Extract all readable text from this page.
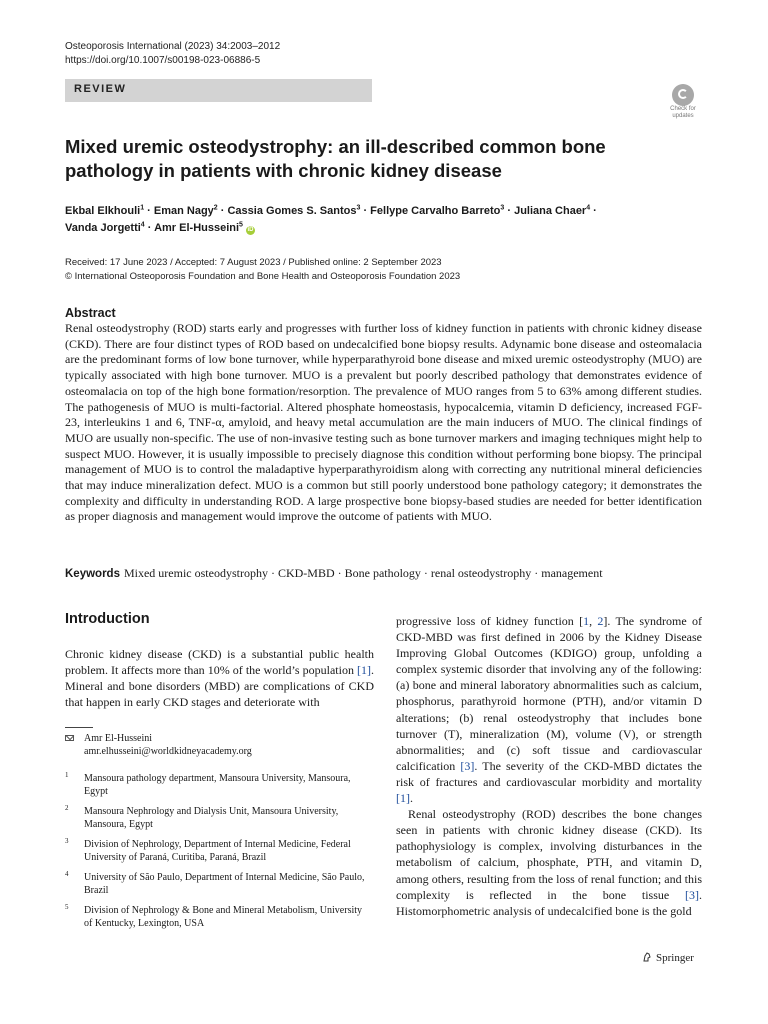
Osteoporosis International (2023) 34:2003–2012
https://doi.org/10.1007/s00198-023-06886-5
REVIEW
Check for updates
Mixed uremic osteodystrophy: an ill-described common bone pathology in patients with chronic kidney disease
Ekbal Elkhouli$^1$ · Eman Nagy$^2$ · Cassia Gomes S. Santos$^3$ · Fellype Carvalho Barreto$^3$ · Juliana Chaer$^4$ ·
Vanda Jorgetti$^4$ · Amr El-Husseini$^5$ iD
Received: 17 June 2023 / Accepted: 7 August 2023 / Published online: 2 September 2023
© International Osteoporosis Foundation and Bone Health and Osteoporosis Foundation 2023
Abstract
Renal osteodystrophy (ROD) starts early and progresses with further loss of kidney function in patients with chronic kidney disease (CKD). There are four distinct types of ROD based on undecalcified bone biopsy results. Adynamic bone disease and osteomalacia are the predominant forms of low bone turnover, while hyperparathyroid bone disease and mixed uremic osteodystrophy (MUO) are typically associated with high bone turnover. MUO is a prevalent but poorly described pathology that demonstrates evidence of osteomalacia on top of the high bone formation/resorption. The prevalence of MUO ranges from 5 to 63% among different studies. The pathogenesis of MUO is multi-factorial. Altered phosphate homeostasis, hypocalcemia, vitamin D deficiency, increased FGF-23, interleukins 1 and 6, TNF-α, amyloid, and heavy metal accumulation are the main inducers of MUO. The clinical findings of MUO are usually non-specific. The use of non-invasive testing such as bone turnover markers and imaging techniques might help to suspect MUO. However, it is usually impossible to precisely diagnose this condition without performing bone biopsy. The principal management of MUO is to control the maladaptive hyperparathyroidism along with correcting any nutritional mineral deficiencies that may induce mineralization defect. MUO is a common but still poorly understood bone pathology category; it demonstrates the complexity and difficulty in understanding ROD. A large prospective bone biopsy-based studies are needed for better identification as proper diagnosis and management would improve the outcome of patients with MUO.
Keywords Mixed uremic osteodystrophy · CKD-MBD · Bone pathology · renal osteodystrophy · management
Introduction
Chronic kidney disease (CKD) is a substantial public health problem. It affects more than 10% of the world’s population [1]. Mineral and bone disorders (MBD) are complications of CKD that happen in early CKD stages and deteriorate with

progressive loss of kidney function [1, 2]. The syndrome of CKD-MBD was first defined in 2006 by the Kidney Disease Improving Global Outcomes (KDIGO) group, unfolding a complex systemic disorder that involving any of the following: (a) bone and mineral laboratory abnormalities such as calcium, phosphorus, parathyroid hormone (PTH), and/or vitamin D alterations; (b) renal osteodystrophy that includes bone turnover (T), mineralization (M), volume (V), or strength abnormalities; and (c) soft tissue and cardiovascular calcification [3]. The severity of the CKD-MBD dictates the risk of fractures and cardiovascular morbidity and mortality [1].

Renal osteodystrophy (ROD) describes the bone changes seen in patients with chronic kidney disease (CKD). Its pathophysiology is complex, involving disturbances in the metabolism of calcium, phosphate, PTH, and vitamin D, among others, resulting from the loss of renal function; and this complexity is reflected in the bone tissue [3]. Histomorphometric analysis of undecalcified bone is the gold

Amr El-Husseini
amr.elhusseini@worldkidneyacademy.org
1 Mansoura pathology department, Mansoura University, Mansoura, Egypt
2 Mansoura Nephrology and Dialysis Unit, Mansoura University, Mansoura, Egypt
3 Division of Nephrology, Department of Internal Medicine, Federal University of Paraná, Curitiba, Paraná, Brazil
4 University of São Paulo, Department of Internal Medicine, São Paulo, Brazil
5 Division of Nephrology & Bone and Mineral Metabolism, University of Kentucky, Lexington, USA
Springer
